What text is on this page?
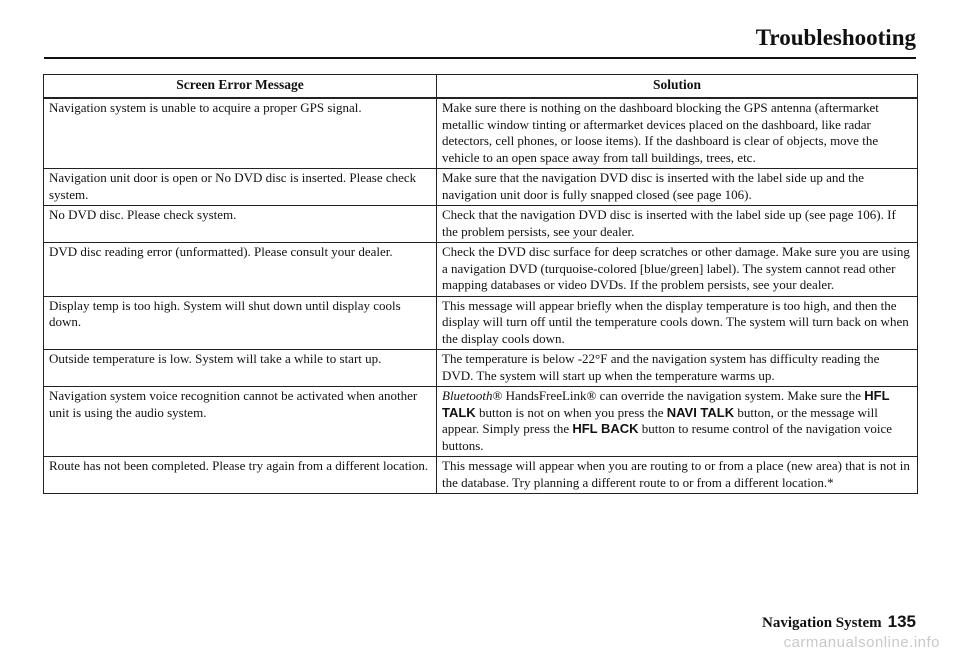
Troubleshooting
Screen Error Message	Solution
Navigation system is unable to acquire a proper GPS signal.	Make sure there is nothing on the dashboard blocking the GPS antenna (aftermarket metallic window tinting or aftermarket devices placed on the dashboard, like radar detectors, cell phones, or loose items). If the dashboard is clear of objects, move the vehicle to an open space away from tall buildings, trees, etc.
Navigation unit door is open or No DVD disc is inserted. Please check system.	Make sure that the navigation DVD disc is inserted with the label side up and the navigation unit door is fully snapped closed (see page 106).
No DVD disc. Please check system.	Check that the navigation DVD disc is inserted with the label side up (see page 106). If the problem persists, see your dealer.
DVD disc reading error (unformatted). Please consult your dealer.	Check the DVD disc surface for deep scratches or other damage. Make sure you are using a navigation DVD (turquoise-colored [blue/green] label). The system cannot read other mapping databases or video DVDs. If the problem persists, see your dealer.
Display temp is too high. System will shut down until display cools down.	This message will appear briefly when the display temperature is too high, and then the display will turn off until the temperature cools down. The system will turn back on when the display cools down.
Outside temperature is low. System will take a while to start up.	The temperature is below -22°F and the navigation system has difficulty reading the DVD. The system will start up when the temperature warms up.
Navigation system voice recognition cannot be activated when another unit is using the audio system.	Bluetooth® HandsFreeLink® can override the navigation system. Make sure the HFL TALK button is not on when you press the NAVI TALK button, or the message will appear. Simply press the HFL BACK button to resume control of the navigation voice buttons.
Route has not been completed. Please try again from a different location.	This message will appear when you are routing to or from a place (new area) that is not in the database. Try planning a different route to or from a different location.*
Navigation System 135
carmanualsonline.info
